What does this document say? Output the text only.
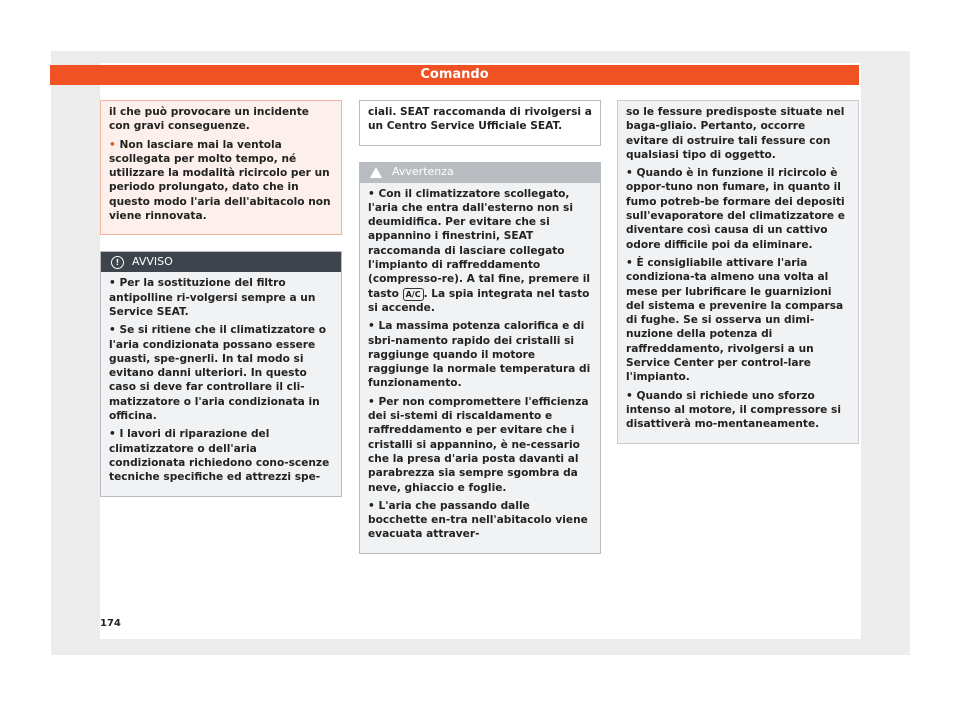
Comando

il che può provocare un incidente con gravi conseguenze.

• Non lasciare mai la ventola scollegata per molto tempo, né utilizzare la modalità ricircolo per un periodo prolungato, dato che in questo modo l'aria dell'abitacolo non viene rinnovata.

!	AVVISO

• Per la sostituzione del filtro antipolline ri-volgersi sempre a un Service SEAT.

• Se si ritiene che il climatizzatore o l'aria condizionata possano essere guasti, spe-gnerli. In tal modo si evitano danni ulteriori. In questo caso si deve far controllare il cli-matizzatore o l'aria condizionata in officina.

• I lavori di riparazione del climatizzatore o dell'aria condizionata richiedono cono-scenze tecniche specifiche ed attrezzi spe-

ciali. SEAT raccomanda di rivolgersi a un Centro Service Ufficiale SEAT.

Avvertenza

• Con il climatizzatore scollegato, l'aria che entra dall'esterno non si deumidifica. Per evitare che si appannino i finestrini, SEAT raccomanda di lasciare collegato l'impianto di raffreddamento (compresso-re). A tal fine, premere il tasto A/C . La spia integrata nel tasto si accende.

• La massima potenza calorifica e di sbri-namento rapido dei cristalli si raggiunge quando il motore raggiunge la normale temperatura di funzionamento.

• Per non compromettere l'efficienza dei si-stemi di riscaldamento e raffreddamento e per evitare che i cristalli si appannino, è ne-cessario che la presa d'aria posta davanti al parabrezza sia sempre sgombra da neve, ghiaccio e foglie.

• L'aria che passando dalle bocchette en-tra nell'abitacolo viene evacuata attraver-

so le fessure predisposte situate nel baga-gliaio. Pertanto, occorre evitare di ostruire tali fessure con qualsiasi tipo di oggetto.

• Quando è in funzione il ricircolo è oppor-tuno non fumare, in quanto il fumo potreb-be formare dei depositi sull'evaporatore del climatizzatore e diventare così causa di un cattivo odore difficile poi da eliminare.

• È consigliabile attivare l'aria condiziona-ta almeno una volta al mese per lubrificare le guarnizioni del sistema e prevenire la comparsa di fughe. Se si osserva un dimi-nuzione della potenza di raffreddamento, rivolgersi a un Service Center per control-lare l'impianto.

• Quando si richiede uno sforzo intenso al motore, il compressore si disattiverà mo-mentaneamente.

174
